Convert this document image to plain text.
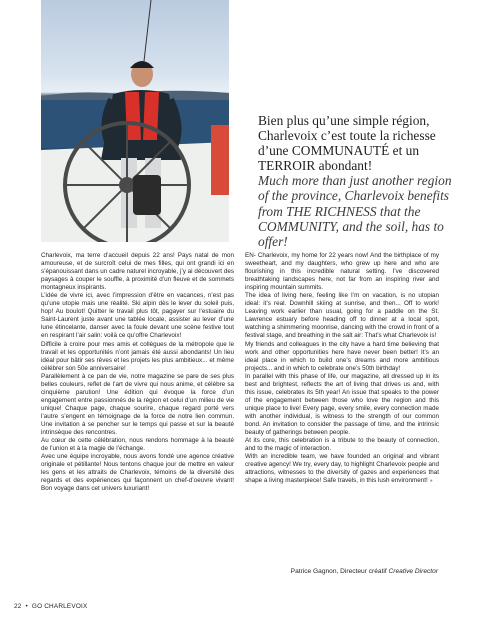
Bien plus qu’une simple région, Charlevoix c’est toute la richesse d’une COMMUNAUTÉ et un TERROIR abondant!

Much more than just another region of the province, Charlevoix benefits from THE RICHNESS that the COMMUNITY, and the soil, has to offer!

Charlevoix, ma terre d’accueil depuis 22 ans! Pays natal de mon amoureuse, et de surcroît celui de mes filles, qui ont grandi ici en s’épanouissant dans un cadre naturel incroyable, j’y ai découvert des paysages à couper le souffle, à proximité d’un fleuve et de sommets montagneux inspirants.

L’idée de vivre ici, avec l’impression d’être en vacances, n’est pas qu’une utopie mais une réalité. Ski alpin dès le lever du soleil puis, hop! Au boulot! Quitter le travail plus tôt, pagayer sur l’estuaire du Saint-Laurent juste avant une tablée locale, assister au lever d’une lune étincelante, danser avec la foule devant une scène festive tout en respirant l’air salin: voilà ce qu’offre Charlevoix!

Difficile à croire pour mes amis et collègues de la métropole que le travail et les opportunités n’ont jamais été aussi abondants! Un lieu idéal pour bâtir ses rêves et les projets les plus ambitieux... et même célébrer son 50e anniversaire!

Parallèlement à ce pan de vie, notre magazine se pare de ses plus belles couleurs, reflet de l’art de vivre qui nous anime, et célèbre sa cinquième parution! Une édition qui évoque la force d’un engagement entre passionnés de la région et celui d’un milieu de vie unique! Chaque page, chaque sourire, chaque regard porté vers l’autre s’engent en témoignage de la force de notre lien commun. Une invitation à se pencher sur le temps qui passe et sur la beauté intrinsèque des rencontres.

Au cœur de cette célébration, nous rendons hommage à la beauté de l’union et à la magie de l’échange.

Avec une équipe incroyable, nous avons fondé une agence créative originale et pétillante! Nous tentons chaque jour de mettre en valeur les gens et les attraits de Charlevoix, témoins de la diversité des regards et des expériences qui façonnent un chef-d’oeuvre vivant! Bon voyage dans cet univers luxuriant!

EN- Charlevoix, my home for 22 years now! And the birthplace of my sweetheart, and my daughters, who grew up here and who are flourishing in this incredible natural setting. I’ve discovered breathtaking landscapes here, not far from an inspiring river and inspiring mountain summits.

The idea of living here, feeling like I’m on vacation, is no utopian ideal: it’s real. Downhill skiing at sunrise, and then... Off to work! Leaving work earlier than usual, going for a paddle on the St. Lawrence estuary before heading off to dinner at a local spot, watching a shimmering moonrise, dancing with the crowd in front of a festival stage, and breathing in the salt air: That’s what Charlevoix is!

My friends and colleagues in the city have a hard time believing that work and other opportunities here have never been better! It’s an ideal place in which to build one’s dreams and more ambitious projects... and in which to celebrate one’s 50th birthday!

In parallel with this phase of life, our magazine, all dressed up in its best and brightest, reflects the art of living that drives us and, with this issue, celebrates its 5th year! An issue that speaks to the power of the engagement between those who love the region and this unique place to live! Every page, every smile, every connection made with another individual, is witness to the strength of our common bond. An invitation to consider the passage of time, and the intrinsic beauty of gatherings between people.

At its core, this celebration is a tribute to the beauty of connection, and to the magic of interaction.

With an incredible team, we have founded an original and vibrant creative agency! We try, every day, to highlight Charlevoix people and attractions, witnesses to the diversity of gazes and experiences that shape a living masterpiece! Safe travels, in this lush environment! ●

Patrice Gagnon, Directeur créatif Creative Director
22 • GO CHARLEVOIX
